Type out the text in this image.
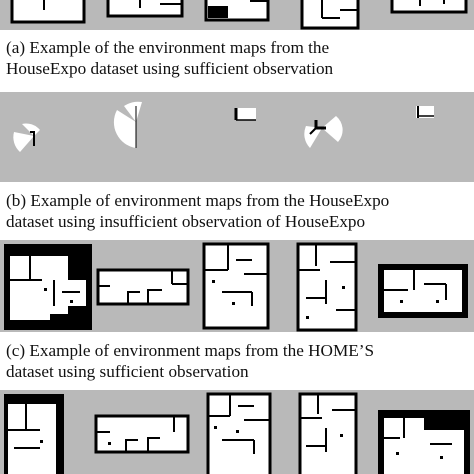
(a) Example of the environment maps from the
HouseExpo dataset using sufficient observation
(b) Example of environment maps from the HouseExpo
dataset using insufficient observation of HouseExpo
(c) Example of environment maps from the HOME’S
dataset using sufficient observation
